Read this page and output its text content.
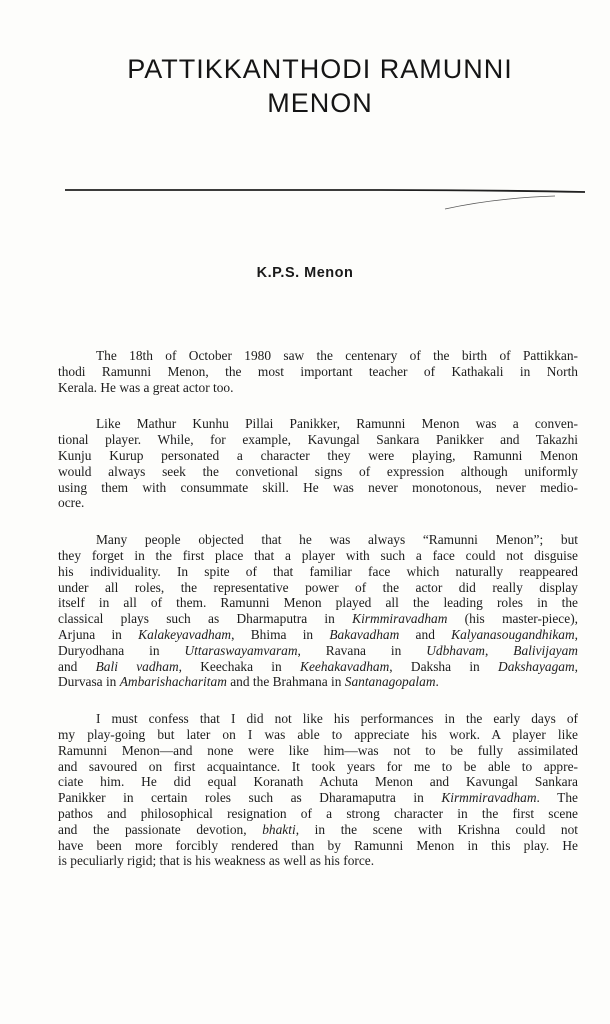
PATTIKKANTHODI RAMUNNI
MENON
K.P.S. Menon
The 18th of October 1980 saw the centenary of the birth of Pattikkan-
thodi Ramunni Menon, the most important teacher of Kathakali in North
Kerala. He was a great actor too.
Like Mathur Kunhu Pillai Panikker, Ramunni Menon was a conven-
tional player. While, for example, Kavungal Sankara Panikker and Takazhi
Kunju Kurup personated a character they were playing, Ramunni Menon
would always seek the convetional signs of expression although uniformly
using them with consummate skill. He was never monotonous, never medio-
ocre.
Many people objected that he was always “Ramunni Menon”; but
they forget in the first place that a player with such a face could not disguise
his individuality. In spite of that familiar face which naturally reappeared
under all roles, the representative power of the actor did really display
itself in all of them. Ramunni Menon played all the leading roles in the
classical plays such as Dharmaputra in Kirmmiravadham (his master-piece),
Arjuna in Kalakeyavadham, Bhima in Bakavadham and Kalyanasougandhikam,
Duryodhana in Uttaraswayamvaram, Ravana in Udbhavam, Balivijayam
and Bali vadham, Keechaka in Keehakavadham, Daksha in Dakshayagam,
Durvasa in Ambarishacharitam and the Brahmana in Santanagopalam.
I must confess that I did not like his performances in the early days of
my play-going but later on I was able to appreciate his work. A player like
Ramunni Menon—and none were like him—was not to be fully assimilated
and savoured on first acquaintance. It took years for me to be able to appre-
ciate him. He did equal Koranath Achuta Menon and Kavungal Sankara
Panikker in certain roles such as Dharamaputra in Kirmmiravadham. The
pathos and philosophical resignation of a strong character in the first scene
and the passionate devotion, bhakti, in the scene with Krishna could not
have been more forcibly rendered than by Ramunni Menon in this play. He
is peculiarly rigid; that is his weakness as well as his force.
